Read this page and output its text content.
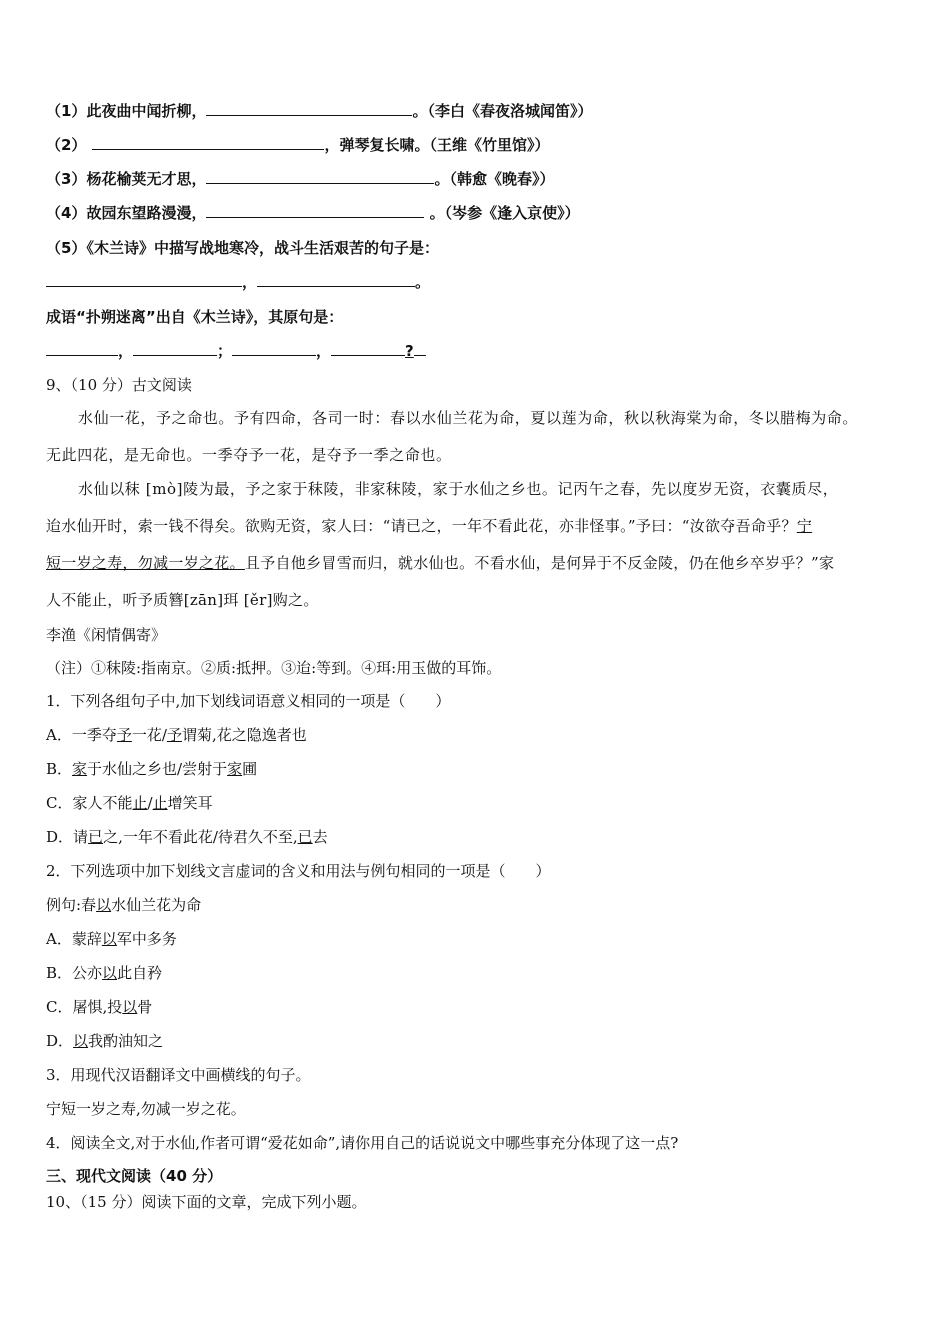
（1）此夜曲中闻折柳，	。（李白《春夜洛城闻笛》）
（2）	，弹琴复长啸。（王维《竹里馆》）
（3）杨花榆荚无才思，	。（韩愈《晚春》）
（4）故园东望路漫漫，	。（岑参《逢入京使》）
（5）《木兰诗》中描写战地寒冷，战斗生活艰苦的句子是：
，	。
成语“扑朔迷离”出自《木兰诗》，其原句是：
，	；	，	?
9、（10 分）古文阅读
水仙一花，予之命也。予有四命，各司一时：春以水仙兰花为命，夏以莲为命，秋以秋海棠为命，冬以腊梅为命。
无此四花，是无命也。一季夺予一花，是夺予一季之命也。
水仙以秣 [mò]陵为最，予之家于秣陵，非家秣陵，家于水仙之乡也。记丙午之春，先以度岁无资，衣囊质尽，
迨水仙开时，索一钱不得矣。欲购无资，家人曰：“请已之，一年不看此花，亦非怪事。”予曰：“汝欲夺吾命乎？宁
短一岁之寿，勿减一岁之花。且予自他乡冒雪而归，就水仙也。不看水仙，是何异于不反金陵，仍在他乡卒岁乎？”家
人不能止，听予质簪[zān]珥 [ěr]购之。
李渔《闲情偶寄》
（注）①秣陵:指南京。②质:抵押。③迨:等到。④珥:用玉做的耳饰。
1．下列各组句子中,加下划线词语意义相同的一项是（　　）
A．一季夺予一花/予谓菊,花之隐逸者也
B．家于水仙之乡也/尝射于家圃
C．家人不能止/止增笑耳
D．请已之,一年不看此花/待君久不至,已去
2．下列选项中加下划线文言虚词的含义和用法与例句相同的一项是（　　）
例句:春以水仙兰花为命
A．蒙辞以军中多务
B．公亦以此自矜
C．屠惧,投以骨
D．以我酌油知之
3．用现代汉语翻译文中画横线的句子。
宁短一岁之寿,勿减一岁之花。
4．阅读全文,对于水仙,作者可谓“爱花如命”,请你用自己的话说说文中哪些事充分体现了这一点?
三、现代文阅读（40 分）
10、（15 分）阅读下面的文章，完成下列小题。
